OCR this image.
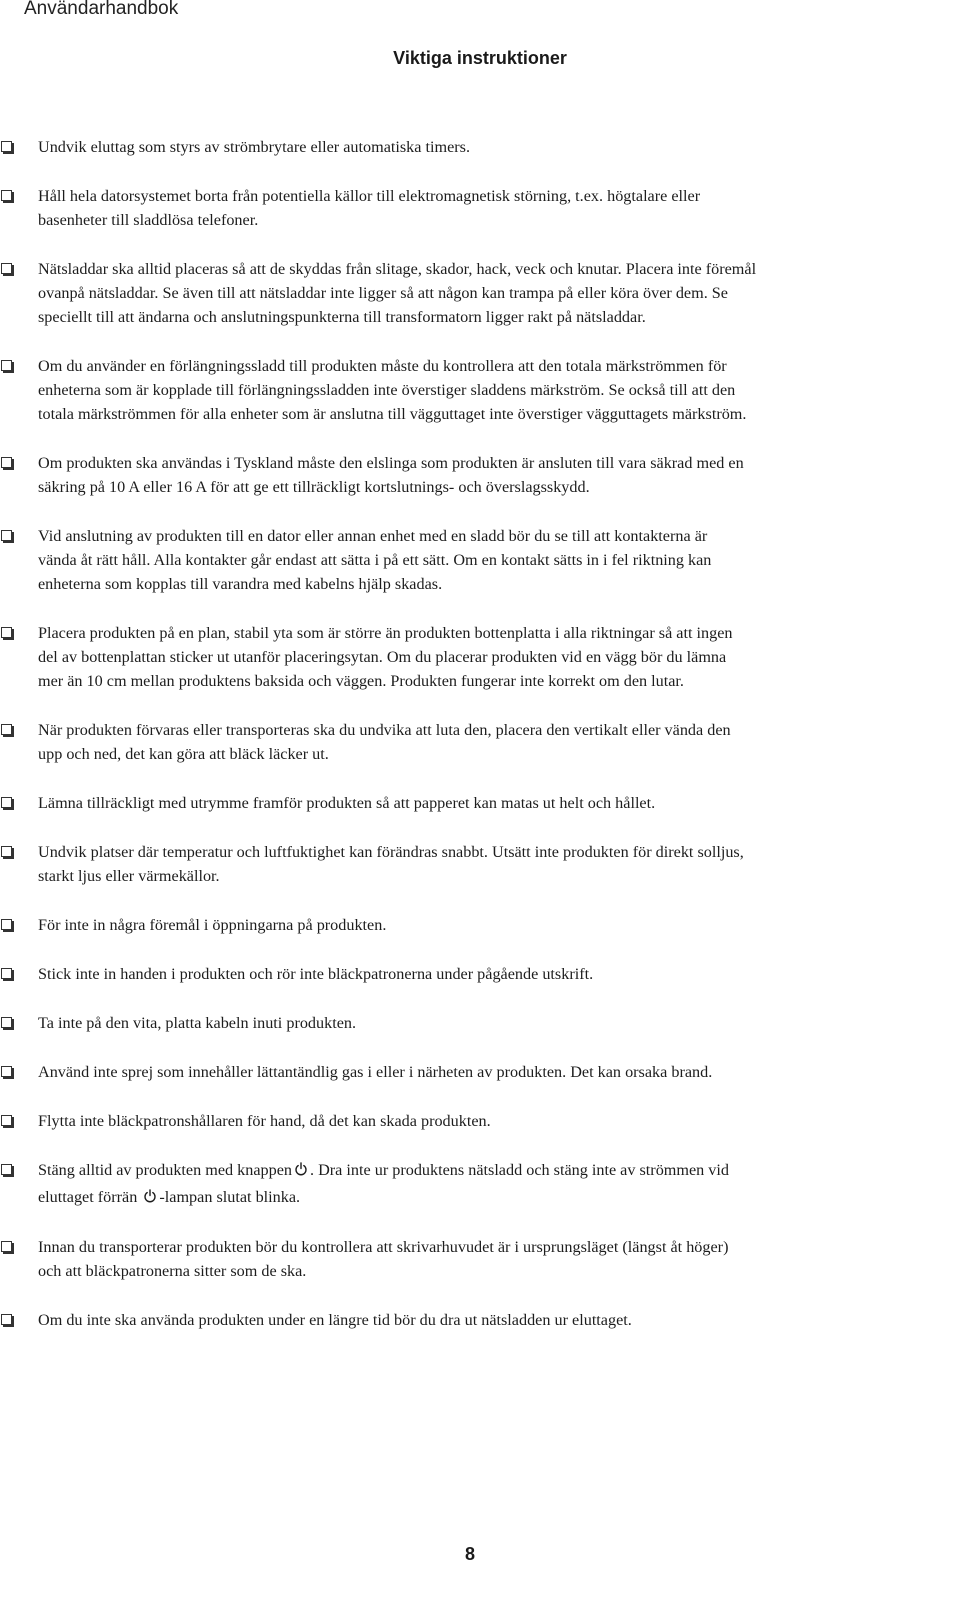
Användarhandbok
Viktiga instruktioner
Undvik eluttag som styrs av strömbrytare eller automatiska timers.
Håll hela datorsystemet borta från potentiella källor till elektromagnetisk störning, t.ex. högtalare eller
basenheter till sladdlösa telefoner.
Nätsladdar ska alltid placeras så att de skyddas från slitage, skador, hack, veck och knutar. Placera inte föremål
ovanpå nätsladdar. Se även till att nätsladdar inte ligger så att någon kan trampa på eller köra över dem. Se
speciellt till att ändarna och anslutningspunkterna till transformatorn ligger rakt på nätsladdar.
Om du använder en förlängningssladd till produkten måste du kontrollera att den totala märkströmmen för
enheterna som är kopplade till förlängningssladden inte överstiger sladdens märkström. Se också till att den
totala märkströmmen för alla enheter som är anslutna till vägguttaget inte överstiger vägguttagets märkström.
Om produkten ska användas i Tyskland måste den elslinga som produkten är ansluten till vara säkrad med en
säkring på 10 A eller 16 A för att ge ett tillräckligt kortslutnings- och överslagsskydd.
Vid anslutning av produkten till en dator eller annan enhet med en sladd bör du se till att kontakterna är
vända åt rätt håll. Alla kontakter går endast att sätta i på ett sätt. Om en kontakt sätts in i fel riktning kan
enheterna som kopplas till varandra med kabelns hjälp skadas.
Placera produkten på en plan, stabil yta som är större än produkten bottenplatta i alla riktningar så att ingen
del av bottenplattan sticker ut utanför placeringsytan. Om du placerar produkten vid en vägg bör du lämna
mer än 10 cm mellan produktens baksida och väggen. Produkten fungerar inte korrekt om den lutar.
När produkten förvaras eller transporteras ska du undvika att luta den, placera den vertikalt eller vända den
upp och ned, det kan göra att bläck läcker ut.
Lämna tillräckligt med utrymme framför produkten så att papperet kan matas ut helt och hållet.
Undvik platser där temperatur och luftfuktighet kan förändras snabbt. Utsätt inte produkten för direkt solljus,
starkt ljus eller värmekällor.
För inte in några föremål i öppningarna på produkten.
Stick inte in handen i produkten och rör inte bläckpatronerna under pågående utskrift.
Ta inte på den vita, platta kabeln inuti produkten.
Använd inte sprej som innehåller lättantändlig gas i eller i närheten av produkten. Det kan orsaka brand.
Flytta inte bläckpatronshållaren för hand, då det kan skada produkten.
Stäng alltid av produkten med knappen . Dra inte ur produktens nätsladd och stäng inte av strömmen vid
eluttaget förrän -lampan slutat blinka.
Innan du transporterar produkten bör du kontrollera att skrivarhuvudet är i ursprungsläget (längst åt höger)
och att bläckpatronerna sitter som de ska.
Om du inte ska använda produkten under en längre tid bör du dra ut nätsladden ur eluttaget.
8
